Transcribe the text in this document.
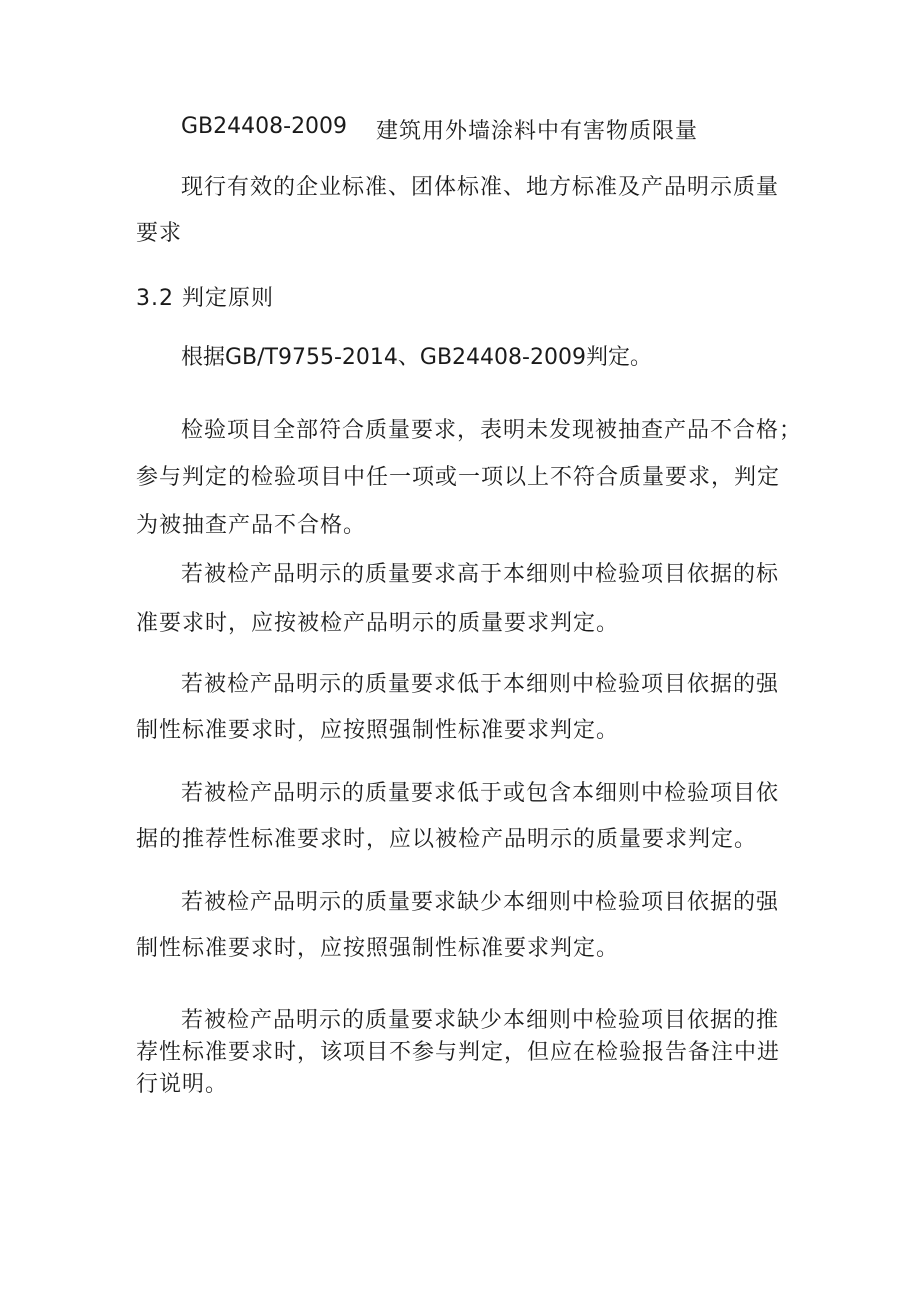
GB24408-2009 建筑用外墙涂料中有害物质限量
现行有效的企业标准、团体标准、地方标准及产品明示质量
要求
3.2 判定原则
根据GB/T9755-2014、GB24408-2009判定。
检验项目全部符合质量要求，表明未发现被抽查产品不合格；
参与判定的检验项目中任一项或一项以上不符合质量要求，判定
为被抽查产品不合格。
若被检产品明示的质量要求高于本细则中检验项目依据的标
准要求时，应按被检产品明示的质量要求判定。
若被检产品明示的质量要求低于本细则中检验项目依据的强
制性标准要求时，应按照强制性标准要求判定。
若被检产品明示的质量要求低于或包含本细则中检验项目依
据的推荐性标准要求时，应以被检产品明示的质量要求判定。
若被检产品明示的质量要求缺少本细则中检验项目依据的强
制性标准要求时，应按照强制性标准要求判定。
若被检产品明示的质量要求缺少本细则中检验项目依据的推
荐性标准要求时，该项目不参与判定，但应在检验报告备注中进
行说明。
